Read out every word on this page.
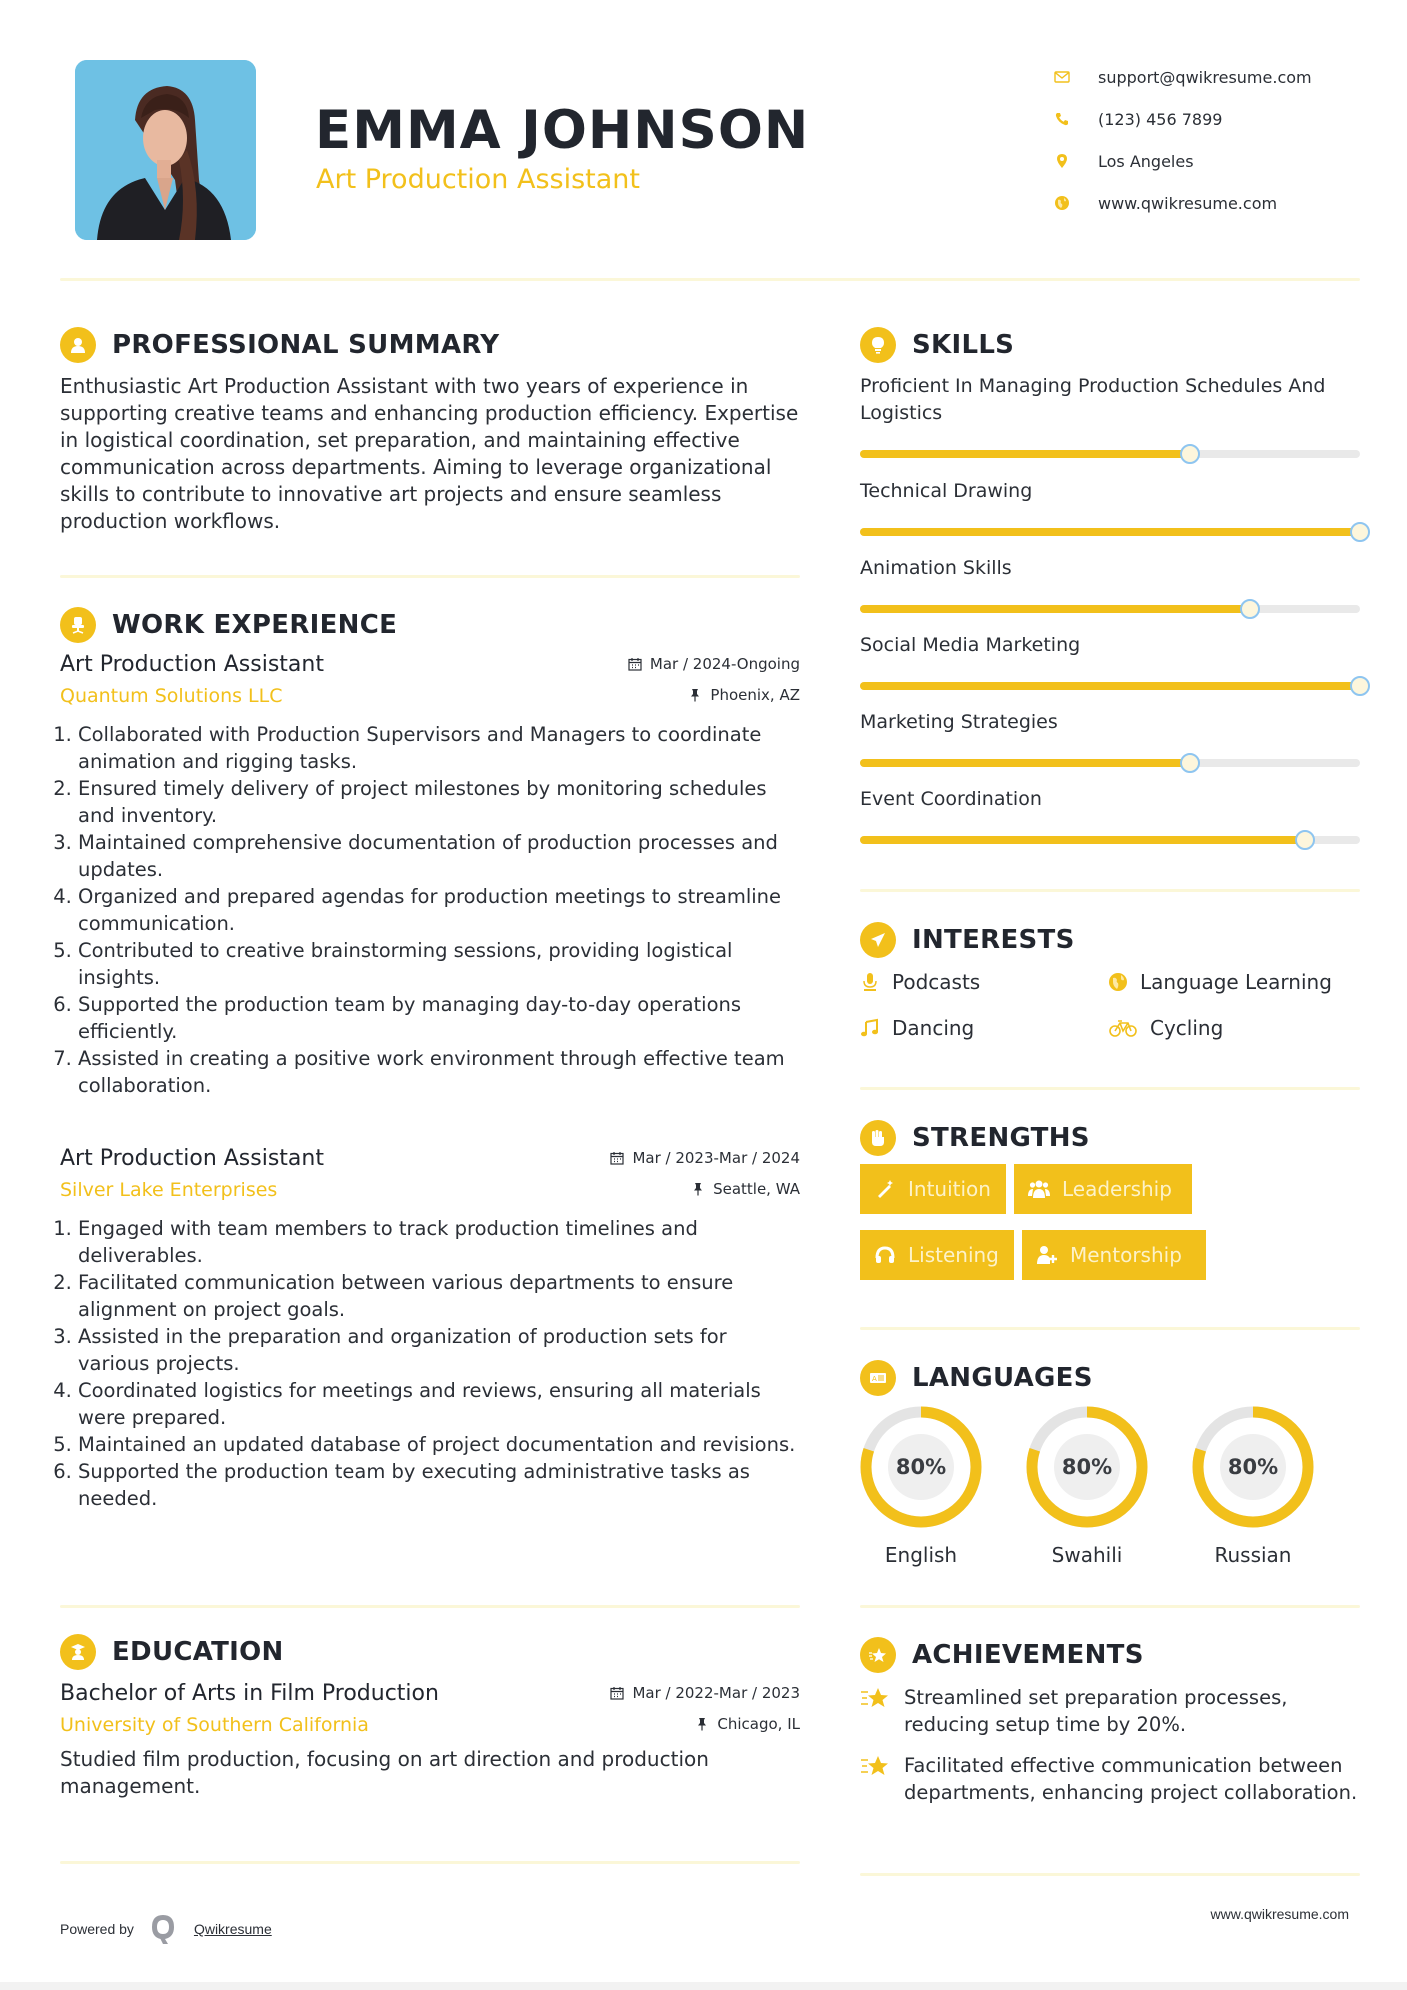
EMMA JOHNSON
Art Production Assistant
support@qwikresume.com
(123) 456 7899
Los Angeles
www.qwikresume.com
PROFESSIONAL SUMMARY
Enthusiastic Art Production Assistant with two years of experience in supporting creative teams and enhancing production efficiency. Expertise in logistical coordination, set preparation, and maintaining effective communication across departments. Aiming to leverage organizational skills to contribute to innovative art projects and ensure seamless production workflows.
WORK EXPERIENCE
Art Production Assistant	Mar / 2024-Ongoing
Quantum Solutions LLC	Phoenix, AZ
1. Collaborated with Production Supervisors and Managers to coordinate animation and rigging tasks.
2. Ensured timely delivery of project milestones by monitoring schedules and inventory.
3. Maintained comprehensive documentation of production processes and updates.
4. Organized and prepared agendas for production meetings to streamline communication.
5. Contributed to creative brainstorming sessions, providing logistical insights.
6. Supported the production team by managing day-to-day operations efficiently.
7. Assisted in creating a positive work environment through effective team collaboration.
Art Production Assistant	Mar / 2023-Mar / 2024
Silver Lake Enterprises	Seattle, WA
1. Engaged with team members to track production timelines and deliverables.
2. Facilitated communication between various departments to ensure alignment on project goals.
3. Assisted in the preparation and organization of production sets for various projects.
4. Coordinated logistics for meetings and reviews, ensuring all materials were prepared.
5. Maintained an updated database of project documentation and revisions.
6. Supported the production team by executing administrative tasks as needed.
EDUCATION
Bachelor of Arts in Film Production	Mar / 2022-Mar / 2023
University of Southern California	Chicago, IL
Studied film production, focusing on art direction and production management.
SKILLS
Proficient In Managing Production Schedules And Logistics
Technical Drawing
Animation Skills
Social Media Marketing
Marketing Strategies
Event Coordination
INTERESTS
Podcasts	Language Learning
Dancing	Cycling
STRENGTHS
Intuition	Leadership
Listening	Mentorship
A LANGUAGES
80%
English
80%
Swahili
80%
Russian
ACHIEVEMENTS
Streamlined set preparation processes, reducing setup time by 20%.
Facilitated effective communication between departments, enhancing project collaboration.
Powered by	Qwikresume
www.qwikresume.com
